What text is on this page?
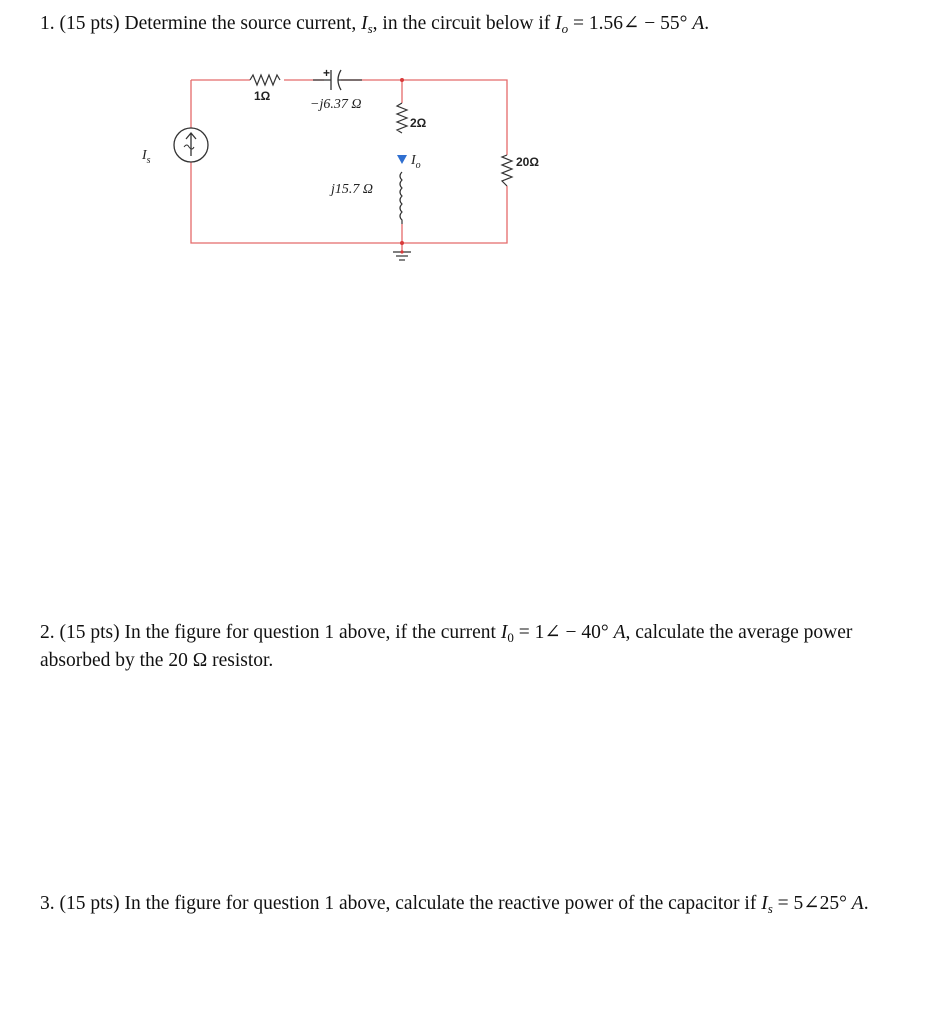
1. (15 pts) Determine the source current, $I_s$, in the circuit below if $I_o$ = 1.56∠ − 55° A.
$I_s$
1Ω
+
−j6.37 Ω
2Ω
$I_o$
j15.7 Ω
20Ω
2. (15 pts) In the figure for question 1 above, if the current $I_0$ = 1∠ − 40° A, calculate the average power absorbed by the 20 Ω resistor.
3. (15 pts) In the figure for question 1 above, calculate the reactive power of the capacitor if $I_s$ = 5∠25° A.
